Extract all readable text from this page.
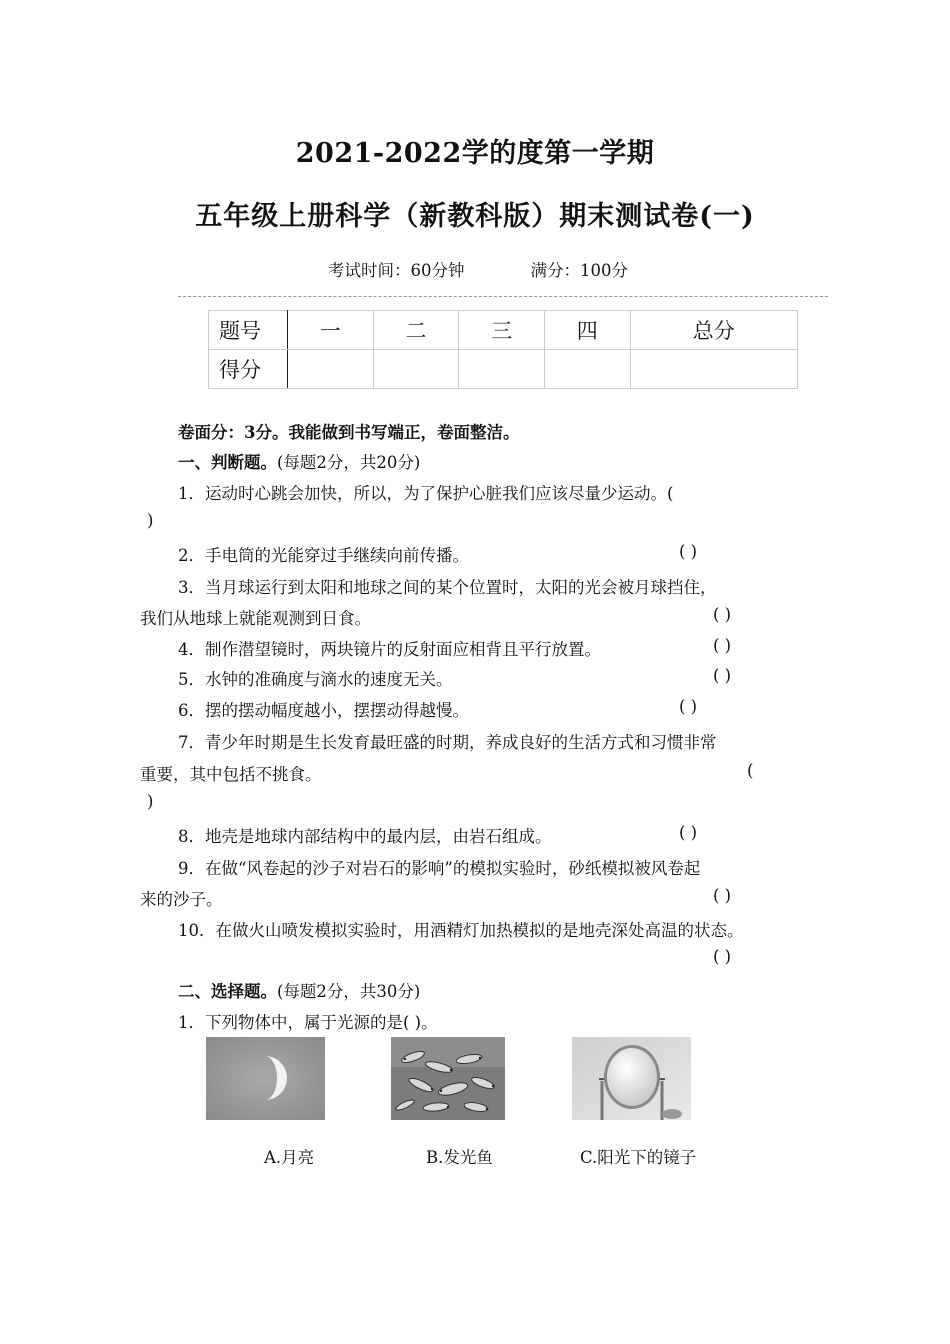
2021-2022学的度第一学期
五年级上册科学（新教科版）期末测试卷(一)
考试时间：60分钟	满分：100分
题号	一	二	三	四	总分
得分					
卷面分：3分。我能做到书写端正，卷面整洁。
一、判断题。(每题2分，共20分)
1．运动时心跳会加快，所以，为了保护心脏我们应该尽量少运动。(
)
2．手电筒的光能穿过手继续向前传播。	( )
3．当月球运行到太阳和地球之间的某个位置时，太阳的光会被月球挡住，
我们从地球上就能观测到日食。	( )
4．制作潜望镜时，两块镜片的反射面应相背且平行放置。	( )
5．水钟的准确度与滴水的速度无关。	( )
6．摆的摆动幅度越小，摆摆动得越慢。	( )
7．青少年时期是生长发育最旺盛的时期，养成良好的生活方式和习惯非常
重要，其中包括不挑食。	(
)
8．地壳是地球内部结构中的最内层，由岩石组成。	( )
9．在做“风卷起的沙子对岩石的影响”的模拟实验时，砂纸模拟被风卷起
来的沙子。	( )
10．在做火山喷发模拟实验时，用酒精灯加热模拟的是地壳深处高温的状态。
( )
二、选择题。(每题2分，共30分)
1．下列物体中，属于光源的是( )。
A.月亮	B.发光鱼	C.阳光下的镜子
